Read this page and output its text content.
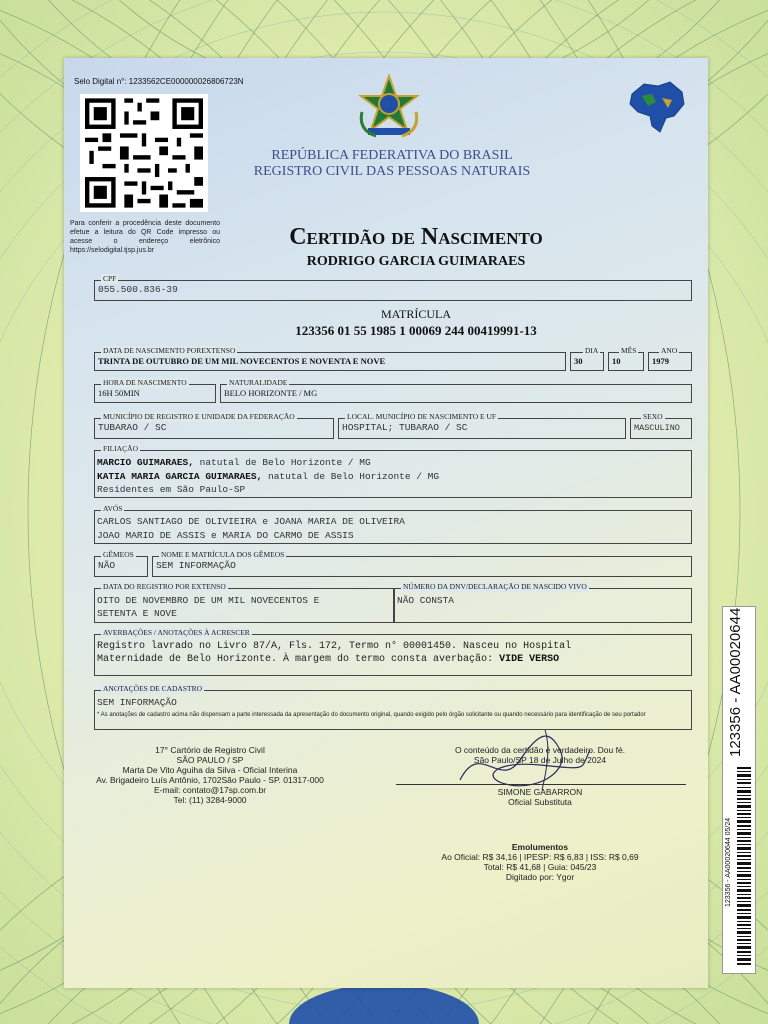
Selo Digital n°: 1233562CE000000026806723N
Para conferir a procedência deste documento efetue a leitura do QR Code impresso ou acesse o endereço eletrônico https://selodigital.tjsp.jus.br
REPÚBLICA FEDERATIVA DO BRASIL
REGISTRO CIVIL DAS PESSOAS NATURAIS
Certidão de Nascimento
RODRIGO GARCIA GUIMARAES
CPF
055.500.836-39
MATRÍCULA
123356 01 55 1985 1 00069 244 00419991-13
DATA DE NASCIMENTO POREXTENSO
TRINTA DE OUTUBRO DE UM MIL NOVECENTOS E NOVENTA E NOVE
DIA
30
MÊS
10
ANO
1979
HORA DE NASCIMENTO
16H 50MIN
NATURALIDADE
BELO HORIZONTE / MG
MUNICÍPIO DE REGISTRO E UNIDADE DA FEDERAÇÃO
TUBARAO / SC
LOCAL. MUNICÍPIO DE NASCIMENTO E UF
HOSPITAL; TUBARAO / SC
SEXO
MASCULINO
FILIAÇÃO
MARCIO GUIMARAES, natutal de Belo Horizonte / MG
KATIA MARIA GARCIA GUIMARAES, natutal de Belo Horizonte / MG
Residentes em São Paulo-SP
AVÓS
CARLOS SANTIAGO DE OLIVIEIRA e JOANA MARIA DE OLIVEIRA
JOAO MARIO DE ASSIS e MARIA DO CARMO DE ASSIS
GÊMEOS
NÃO
NOME E MATRÍCULA DOS GÊMEOS
SEM INFORMAÇÃO
DATA DO REGISTRO POR EXTENSO
OITO DE NOVEMBRO DE UM MIL NOVECENTOS E
SETENTA E NOVE
NÚMERO DA DNV/DECLARAÇÃO DE NASCIDO VIVO
NÃO CONSTA
AVERBAÇÕES / ANOTAÇÕES À ACRESCER
Registro lavrado no Livro 87/A, Fls. 172, Termo n° 00001450. Nasceu no Hospital
Maternidade de Belo Horizonte. À margem do termo consta averbação: VIDE VERSO
ANOTAÇÕES DE CADASTRO
SEM INFORMAÇÃO
* As anotações de cadastro acima não dispensam a parte interessada da apresentação do documento original, quando exigido pelo órgão solicitante ou quando necessário para identificação de seu portador
17° Cartório de Registro Civil
SÃO PAULO / SP
Marta De Vito Aguiha da Silva - Oficial Interina
Av. Brigadeiro Luís Antônio, 1702São Paulo - SP. 01317-000
E-mail: contato@17sp.com.br
Tel: (11) 3284-9000
O conteúdo da certidão é verdadeiro. Dou fé.
São Paulo/SP 18 de Julho de 2024
SIMONE GABARRON
Oficial Substituta
Emolumentos
Ao Oficial: R$ 34,16 | IPESP: R$ 6,83 | ISS: R$ 0,69
Total: R$ 41,68 | Guia: 045/23
Digitado por: Ygor
123356 - AA00020644
123356 - AA00020644 05/24
